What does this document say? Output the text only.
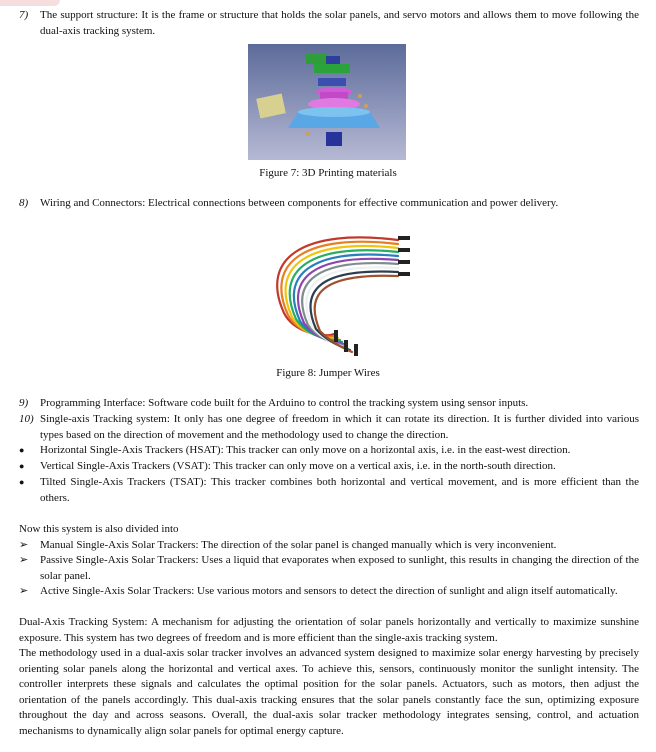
7)	The support structure: It is the frame or structure that holds the solar panels, and servo motors and allows them to move following the dual-axis tracking system.
Figure 7: 3D Printing materials
8)	Wiring and Connectors: Electrical connections between components for effective communication and power delivery.
Figure 8: Jumper Wires
9)	Programming Interface: Software code built for the Arduino to control the tracking system using sensor inputs.
10) Single-axis Tracking system: It only has one degree of freedom in which it can rotate its direction. It is further divided into various types based on the direction of movement and the methodology used to change the direction.
●	Horizontal Single-Axis Trackers (HSAT): This tracker can only move on a horizontal axis, i.e. in the east-west direction.
●	Vertical Single-Axis Trackers (VSAT): This tracker can only move on a vertical axis, i.e. in the north-south direction.
●	Tilted Single-Axis Trackers (TSAT): This tracker combines both horizontal and vertical movement, and is more efficient than the others.
Now this system is also divided into
➢	Manual Single-Axis Solar Trackers: The direction of the solar panel is changed manually which is very inconvenient.
➢	Passive Single-Axis Solar Trackers: Uses a liquid that evaporates when exposed to sunlight, this results in changing the direction of the solar panel.
➢	Active Single-Axis Solar Trackers: Use various motors and sensors to detect the direction of sunlight and align itself automatically.
Dual-Axis Tracking System: A mechanism for adjusting the orientation of solar panels horizontally and vertically to maximize sunshine exposure. This system has two degrees of freedom and is more efficient than the single-axis tracking system.
The methodology used in a dual-axis solar tracker involves an advanced system designed to maximize solar energy harvesting by precisely orienting solar panels along the horizontal and vertical axes. To achieve this, sensors, continuously monitor the sunlight intensity. The controller interprets these signals and calculates the optimal position for the solar panels. Actuators, such as motors, then adjust the orientation of the panels accordingly. This dual-axis tracking ensures that the solar panels constantly face the sun, optimizing exposure throughout the day and across seasons. Overall, the dual-axis solar tracker methodology integrates sensing, control, and actuation mechanisms to dynamically align solar panels for optimal energy capture.
